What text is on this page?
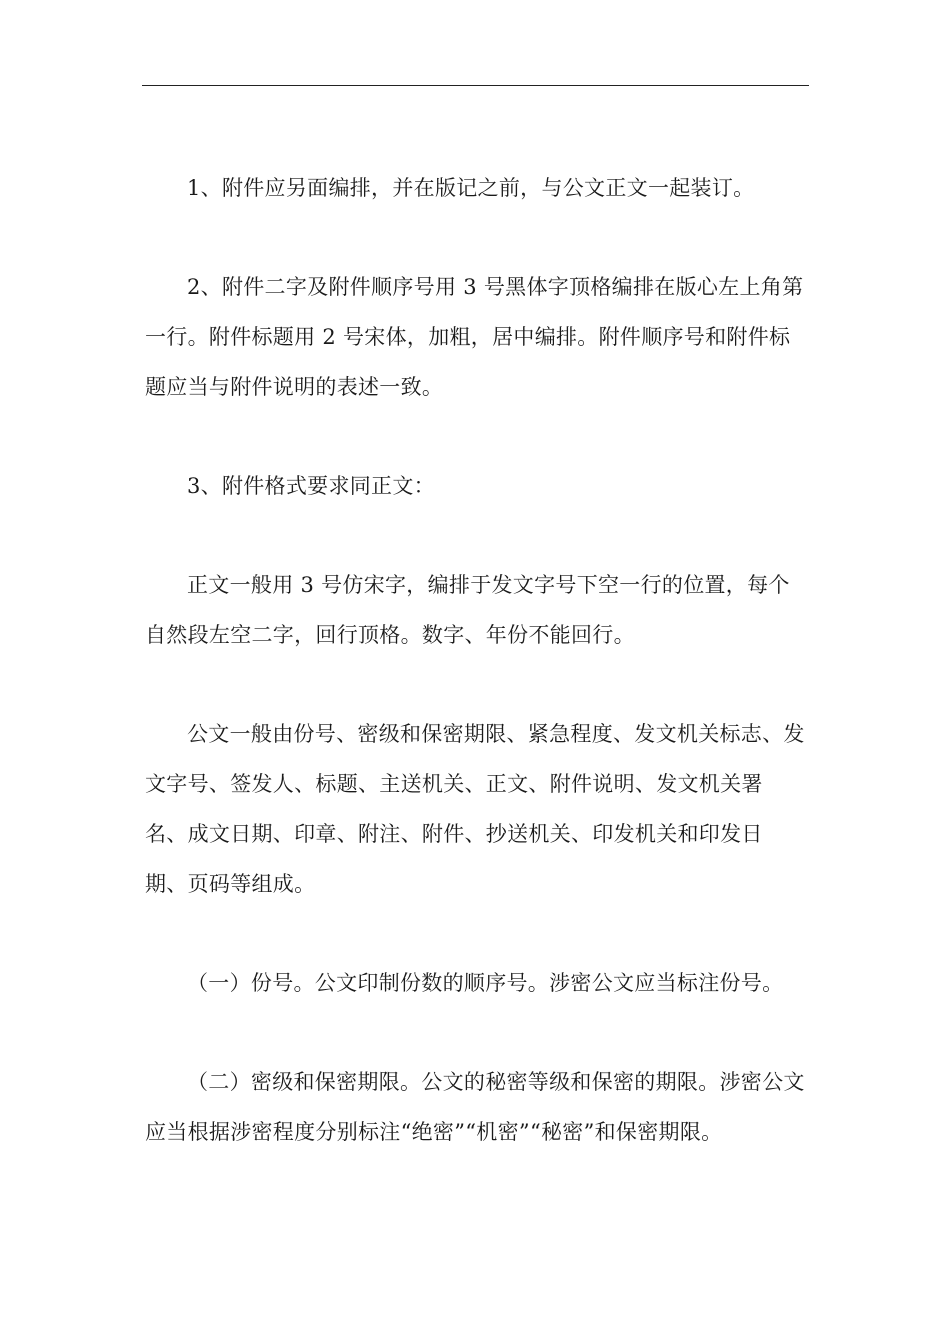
1、附件应另面编排，并在版记之前，与公文正文一起装订。

2、附件二字及附件顺序号用 3 号黑体字顶格编排在版心左上角第一行。附件标题用 2 号宋体，加粗，居中编排。附件顺序号和附件标题应当与附件说明的表述一致。

3、附件格式要求同正文：

正文一般用 3 号仿宋字，编排于发文字号下空一行的位置，每个自然段左空二字，回行顶格。数字、年份不能回行。

公文一般由份号、密级和保密期限、紧急程度、发文机关标志、发文字号、签发人、标题、主送机关、正文、附件说明、发文机关署名、成文日期、印章、附注、附件、抄送机关、印发机关和印发日期、页码等组成。

（一）份号。公文印制份数的顺序号。涉密公文应当标注份号。

（二）密级和保密期限。公文的秘密等级和保密的期限。涉密公文应当根据涉密程度分别标注“绝密”“机密”“秘密”和保密期限。
